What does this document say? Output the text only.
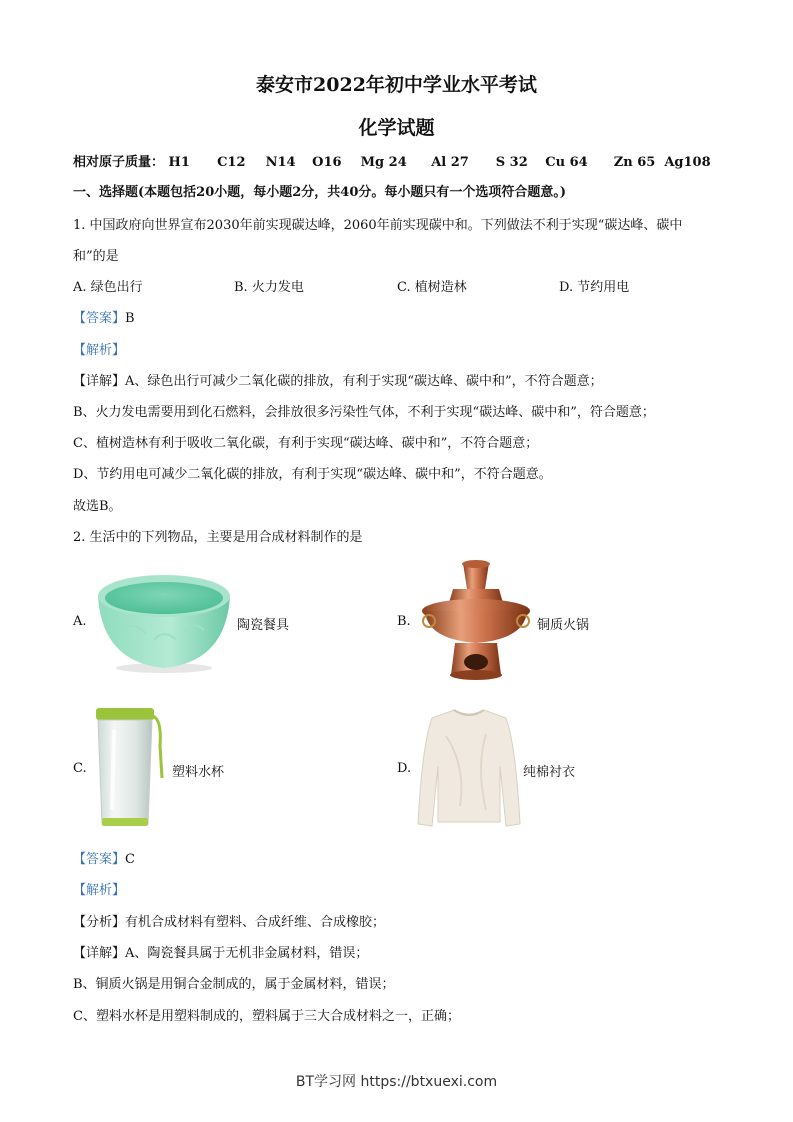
泰安市2022年初中学业水平考试
化学试题
相对原子质量： H1 C12 N14 O16 Mg 24 Al 27 S 32 Cu 64 Zn 65 Ag108
一、选择题(本题包括20小题，每小题2分，共40分。每小题只有一个选项符合题意。)
1. 中国政府向世界宣布2030年前实现碳达峰，2060年前实现碳中和。下列做法不利于实现“碳达峰、碳中
和”的是
A. 绿色出行	B. 火力发电	C. 植树造林	D. 节约用电
【答案】B
【解析】
【详解】A、绿色出行可减少二氧化碳的排放，有利于实现“碳达峰、碳中和”，不符合题意；
B、火力发电需要用到化石燃料，会排放很多污染性气体，不利于实现“碳达峰、碳中和”，符合题意；
C、植树造林有利于吸收二氧化碳，有利于实现“碳达峰、碳中和”，不符合题意；
D、节约用电可减少二氧化碳的排放，有利于实现“碳达峰、碳中和”，不符合题意。
故选B。
2. 生活中的下列物品，主要是用合成材料制作的是
A.	陶瓷餐具	B.	铜质火锅
C.	塑料水杯	D.	纯棉衬衣
【答案】C
【解析】
【分析】有机合成材料有塑料、合成纤维、合成橡胶；
【详解】A、陶瓷餐具属于无机非金属材料，错误；
B、铜质火锅是用铜合金制成的，属于金属材料，错误；
C、塑料水杯是用塑料制成的，塑料属于三大合成材料之一，正确；
BT学习网 https://btxuexi.com
